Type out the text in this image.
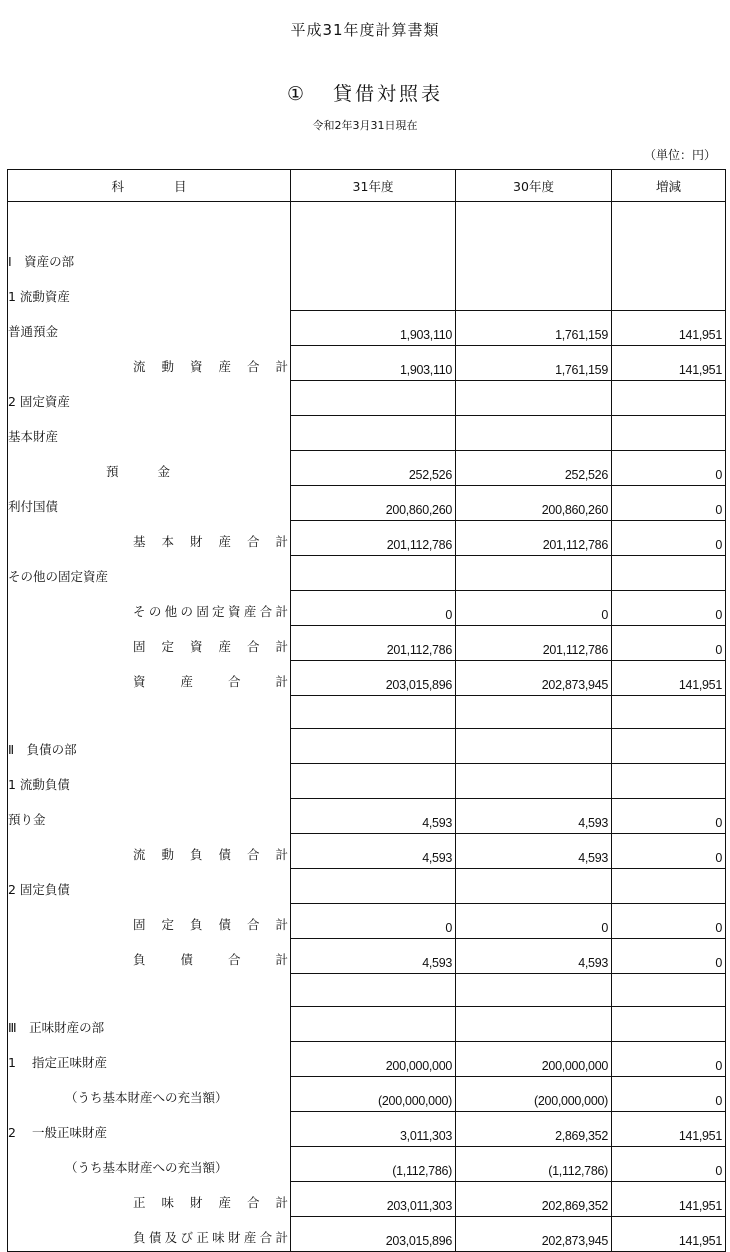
平成31年度計算書類
① 貸借対照表
令和2年3月31日現在
（単位：円）
科目	31年度	30年度	増減

Ⅰ　資産の部			
1 流動資産			
普通預金	1,903,110	1,761,159	141,951

流動資産合計	1,903,110	1,761,159	141,951
2 固定資産			
基本財産			

預金	252,526	252,526	0
利付国債	200,860,260	200,860,260	0

基本財産合計	201,112,786	201,112,786	0
その他の固定資産			

その他の固定資産合計	0	0	0

固定資産合計	201,112,786	201,112,786	0

資産合計	203,015,896	202,873,945	141,951

Ⅱ　負債の部			
1 流動負債			
預り金	4,593	4,593	0

流動負債合計	4,593	4,593	0
2 固定負債			

固定負債合計	0	0	0

負債合計	4,593	4,593	0

Ⅲ　正味財産の部			
1 指定正味財産	200,000,000	200,000,000	0
（うち基本財産への充当額）	(200,000,000)	(200,000,000)	0
2 一般正味財産	3,011,303	2,869,352	141,951
（うち基本財産への充当額）	(1,112,786)	(1,112,786)	0

正味財産合計	203,011,303	202,869,352	141,951

負債及び正味財産合計	203,015,896	202,873,945	141,951
